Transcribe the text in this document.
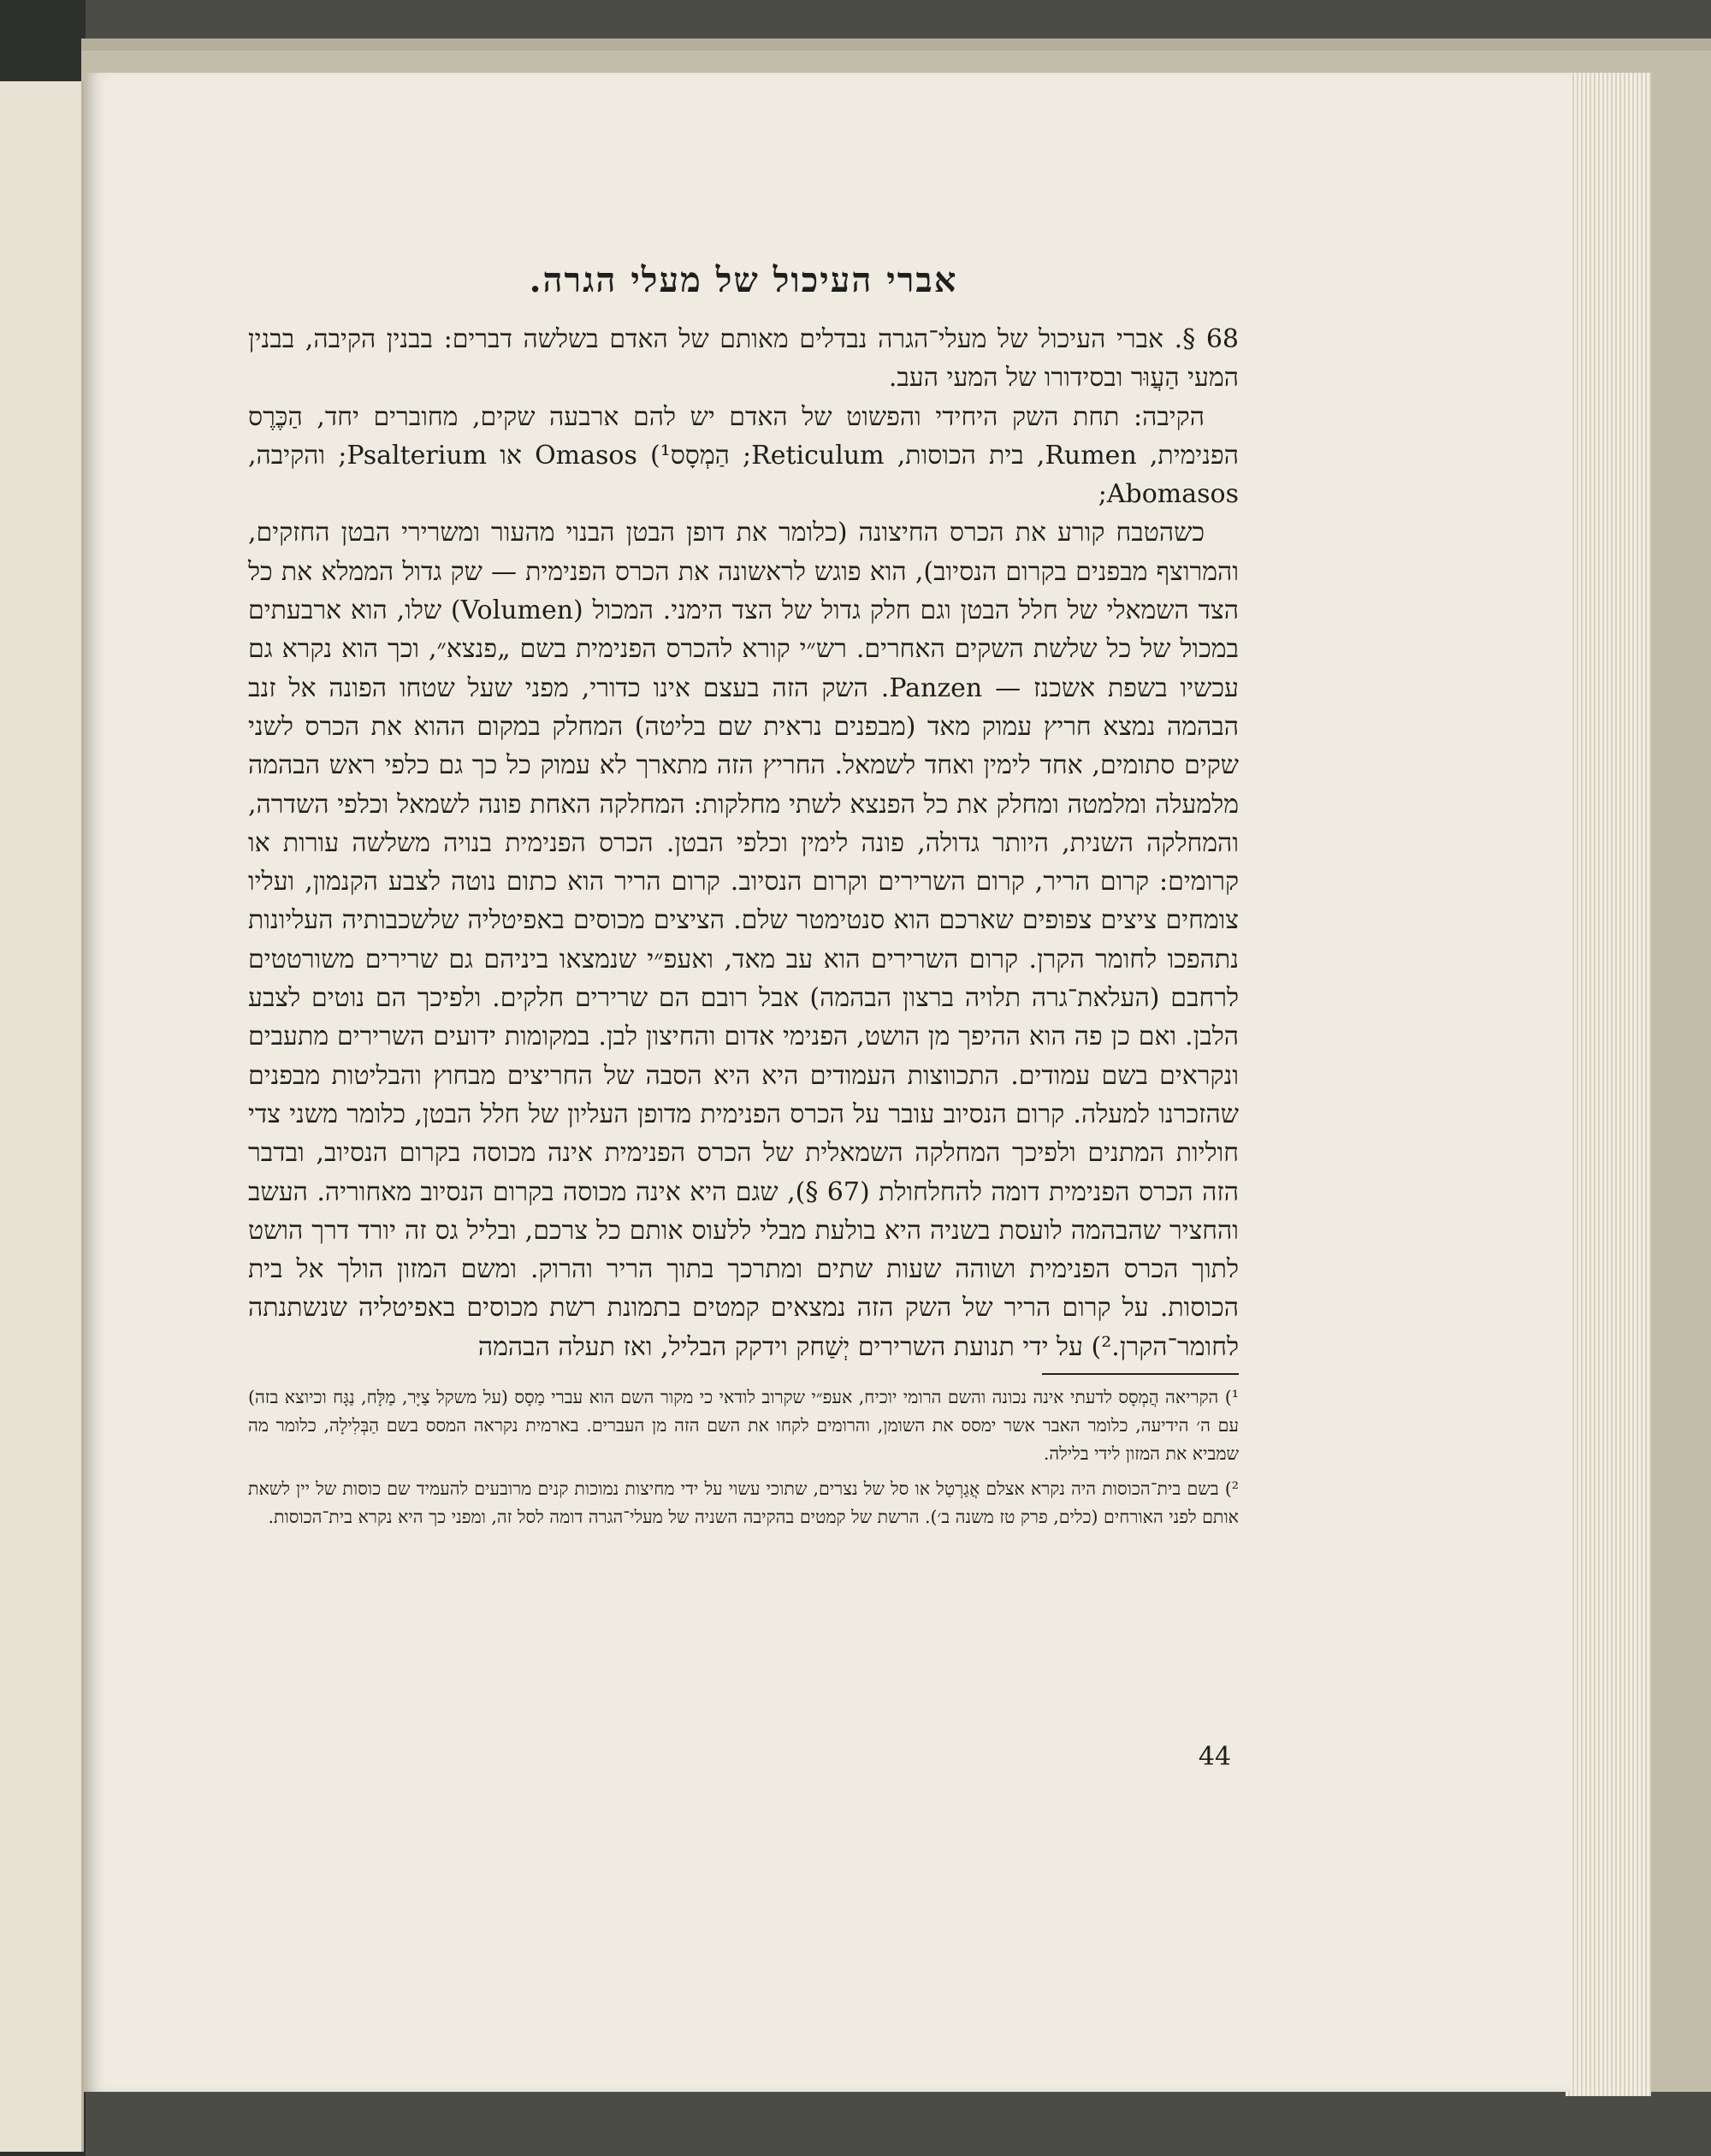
אברי העיכול של מעלי הגרה.

68 §. אברי העיכול של מעלי־הגרה נבדלים מאותם של האדם בשלשה דברים: בבנין הקיבה, בבנין המעי הַעֲוּר ובסידורו של המעי העב.

הקיבה: תחת השק היחידי והפשוט של האדם יש להם ארבעה שקים, מחוברים יחד, הַכֶּרֶס הפנימית, Rumen, בית הכוסות, Reticulum; הַמְסָס¹) Omasos או Psalterium; והקיבה, Abomasos;

כשהטבח קורע את הכרס החיצונה (כלומר את דופן הבטן הבנוי מהעור ומשרירי הבטן החזקים, והמרוצף מבפנים בקרום הנסיוב), הוא פוגש לראשונה את הכרס הפנימית — שק גדול הממלא את כל הצד השמאלי של חלל הבטן וגם חלק גדול של הצד הימני. המכול (Volumen) שלו, הוא ארבעתים במכול של כל שלשת השקים האחרים. רש״י קורא להכרס הפנימית בשם „פנצא״, וכך הוא נקרא גם עכשיו בשפת אשכנז — Panzen. השק הזה בעצם אינו כדורי, מפני שעל שטחו הפונה אל זנב הבהמה נמצא חריץ עמוק מאד (מבפנים נראית שם בליטה) המחלק במקום ההוא את הכרס לשני שקים סתומים, אחד לימין ואחד לשמאל. החריץ הזה מתארך לא עמוק כל כך גם כלפי ראש הבהמה מלמעלה ומלמטה ומחלק את כל הפנצא לשתי מחלקות: המחלקה האחת פונה לשמאל וכלפי השדרה, והמחלקה השנית, היותר גדולה, פונה לימין וכלפי הבטן. הכרס הפנימית בנויה משלשה עורות או קרומים: קרום הריר, קרום השרירים וקרום הנסיוב. קרום הריר הוא כתום נוטה לצבע הקנמון, ועליו צומחים ציצים צפופים שארכם הוא סנטימטר שלם. הציצים מכוסים באפיטליה שלשכבותיה העליונות נתהפכו לחומר הקרן. קרום השרירים הוא עב מאד, ואעפ״י שנמצאו ביניהם גם שרירים משורטטים לרחבם (העלאת־גרה תלויה ברצון הבהמה) אבל רובם הם שרירים חלקים. ולפיכך הם נוטים לצבע הלבן. ואם כן פה הוא ההיפך מן הושט, הפנימי אדום והחיצון לבן. במקומות ידועים השרירים מתעבים ונקראים בשם עמודים. התכווצות העמודים היא היא הסבה של החריצים מבחוץ והבליטות מבפנים שהזכרנו למעלה. קרום הנסיוב עובר על הכרס הפנימית מדופן העליון של חלל הבטן, כלומר משני צדי חוליות המתנים ולפיכך המחלקה השמאלית של הכרס הפנימית אינה מכוסה בקרום הנסיוב, ובדבר הזה הכרס הפנימית דומה להחלחולת (67 §), שגם היא אינה מכוסה בקרום הנסיוב מאחוריה. העשב והחציר שהבהמה לועסת בשניה היא בולעת מבלי ללעוס אותם כל צרכם, ובליל גס זה יורד דרך הושט לתוך הכרס הפנימית ושוהה שעות שתים ומתרכך בתוך הריר והרוק. ומשם המזון הולך אל בית הכוסות. על קרום הריר של השק הזה נמצאים קמטים בתמונת רשת מכוסים באפיטליה שנשתנתה לחומר־הקרן.²) על ידי תנועת השרירים יְשַׁחק וידקק הבליל, ואז תעלה הבהמה

¹) הקריאה הֲמְסָס לדעתי אינה נכונה והשם הרומי יוכיח, אעפ״י שקרוב לודאי כי מקור השם הוא עברי מַסָס (על משקל צַיָּר, מַלָּח, נַגָּח וכיוצא בזה) עם ה׳ הידיעה, כלומר האבר אשר ימסס את השומן, והרומים לקחו את השם הזה מן העברים. בארמית נקראה המסס בשם הַבְּלִילָה, כלומר מה שמביא את המזון לידי בלילה.

²) בשם בית־הכוסות היה נקרא אצלם אֲגַרְטַל או סל של נצרים, שתוכי עשוי על ידי מחיצות נמוכות קנים מרובעים להעמיד שם כוסות של יין לשאת אותם לפני האורחים (כלים, פרק טז משנה ב׳). הרשת של קמטים בהקיבה השניה של מעלי־הגרה דומה לסל זה, ומפני כך היא נקרא בית־הכוסות.

44
